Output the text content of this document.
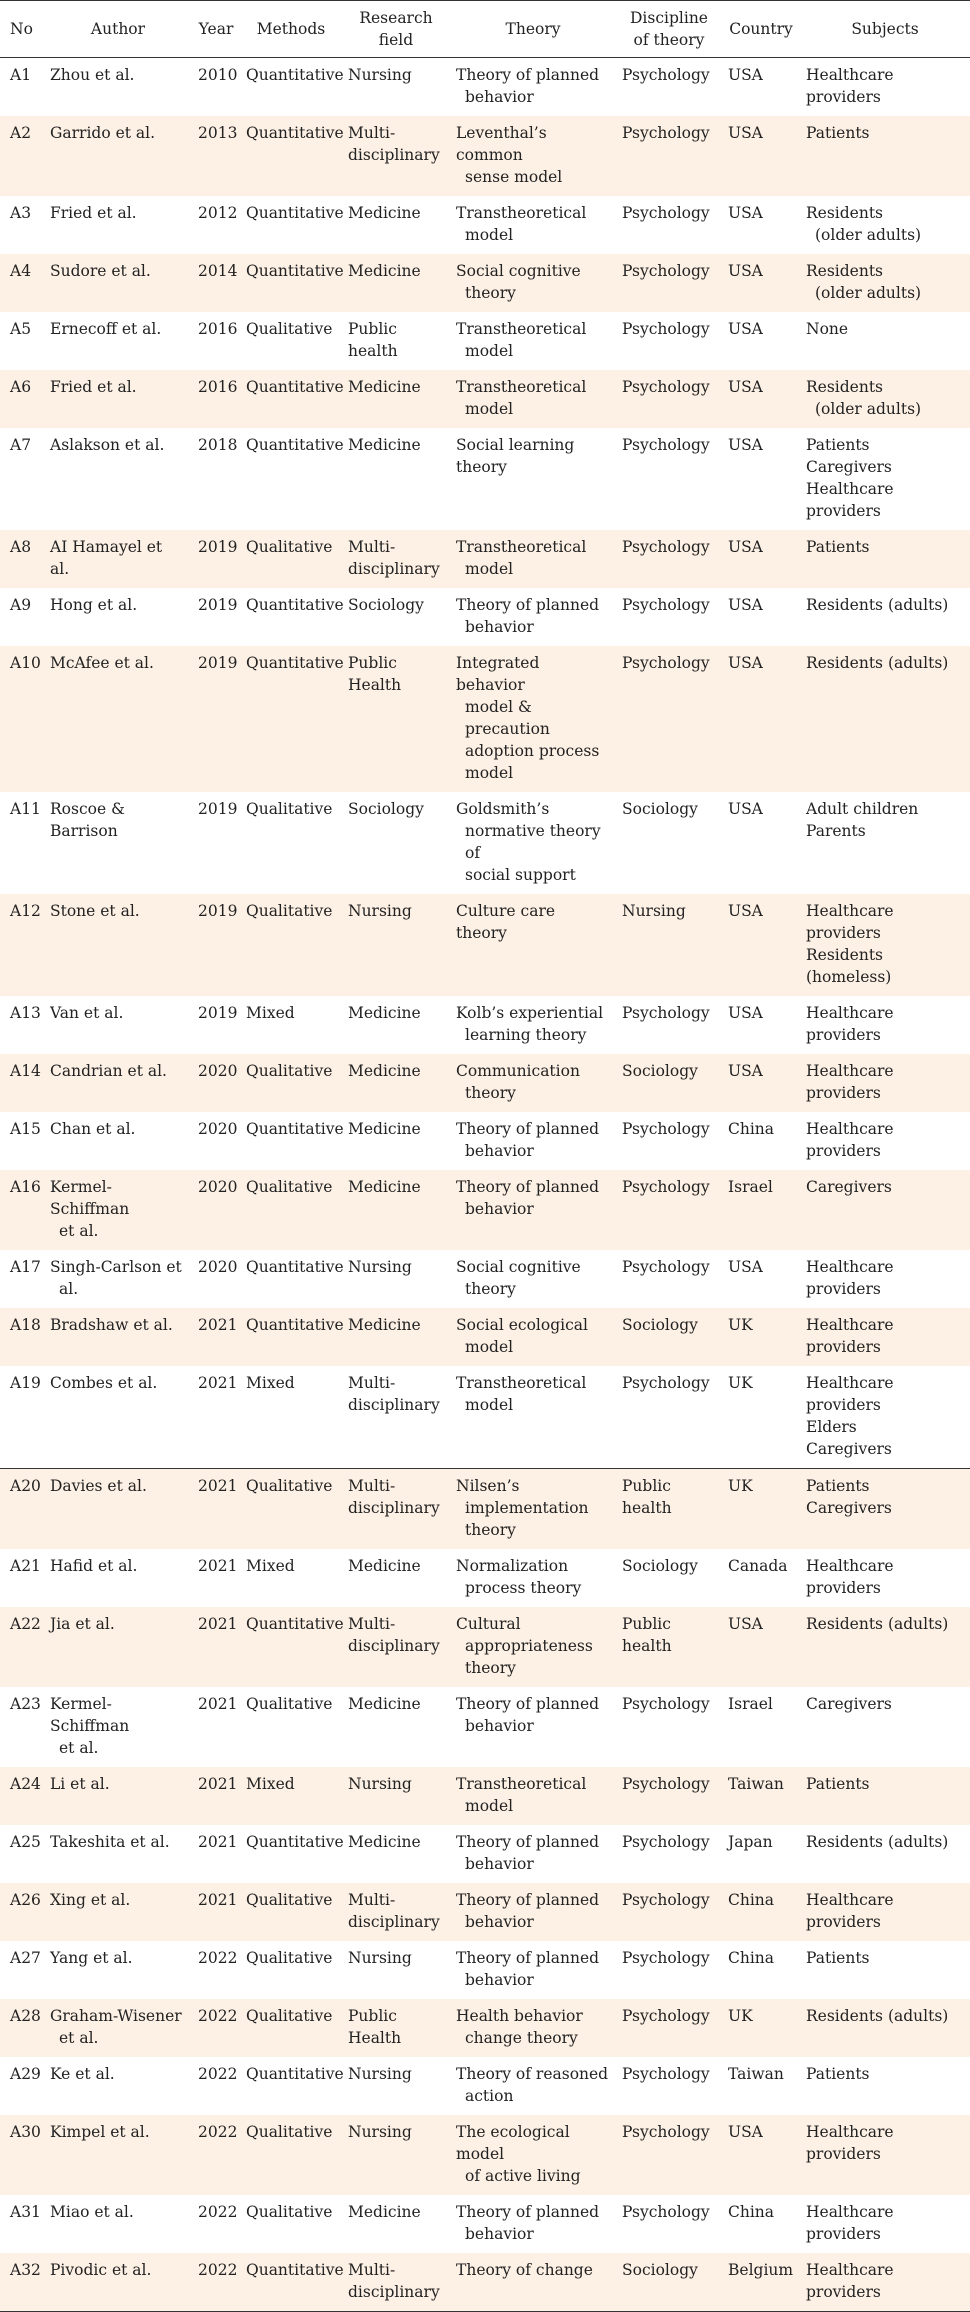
No	Author	Year	Methods	Research field	Theory	Discipline of theory	Country	Subjects
A1	Zhou et al.	2010	Quantitative	Nursing	Theory of planned
behavior	Psychology	USA	Healthcare providers

A2	Garrido et al.	2013	Quantitative	Multi-
disciplinary	Leventhal’s common
sense model	Psychology	USA	Patients

A3	Fried et al.	2012	Quantitative	Medicine	Transtheoretical
model	Psychology	USA	Residents
(older adults)

A4	Sudore et al.	2014	Quantitative	Medicine	Social cognitive
theory	Psychology	USA	Residents
(older adults)

A5	Ernecoff et al.	2016	Qualitative	Public health	Transtheoretical
model	Psychology	USA	None

A6	Fried et al.	2016	Quantitative	Medicine	Transtheoretical
model	Psychology	USA	Residents
(older adults)

A7	Aslakson et al.	2018	Quantitative	Medicine	Social learning theory	Psychology	USA	Patients
Caregivers
Healthcare providers

A8	AI Hamayel et al.	2019	Qualitative	Multi-
disciplinary	Transtheoretical
model	Psychology	USA	Patients

A9	Hong et al.	2019	Quantitative	Sociology	Theory of planned
behavior	Psychology	USA	Residents (adults)

A10	McAfee et al.	2019	Quantitative	Public
Health	Integrated behavior
model & precaution
adoption process
model	Psychology	USA	Residents (adults)

A11	Roscoe & Barrison	2019	Qualitative	Sociology	Goldsmith’s
normative theory of
social support	Sociology	USA	Adult children
Parents

A12	Stone et al.	2019	Qualitative	Nursing	Culture care theory	Nursing	USA	Healthcare providers
Residents (homeless)

A13	Van et al.	2019	Mixed	Medicine	Kolb’s experiential
learning theory	Psychology	USA	Healthcare providers

A14	Candrian et al.	2020	Qualitative	Medicine	Communication
theory	Sociology	USA	Healthcare providers

A15	Chan et al.	2020	Quantitative	Medicine	Theory of planned
behavior	Psychology	China	Healthcare providers

A16	Kermel-Schiffman
et al.	2020	Qualitative	Medicine	Theory of planned
behavior	Psychology	Israel	Caregivers

A17	Singh-Carlson et
al.	2020	Quantitative	Nursing	Social cognitive
theory	Psychology	USA	Healthcare providers

A18	Bradshaw et al.	2021	Quantitative	Medicine	Social ecological
model	Sociology	UK	Healthcare providers

A19	Combes et al.	2021	Mixed	Multi-
disciplinary	Transtheoretical
model	Psychology	UK	Healthcare providers
Elders
Caregivers

A20	Davies et al.	2021	Qualitative	Multi-
disciplinary	Nilsen’s
implementation
theory	Public health	UK	Patients
Caregivers

A21	Hafid et al.	2021	Mixed	Medicine	Normalization
process theory	Sociology	Canada	Healthcare providers

A22	Jia et al.	2021	Quantitative	Multi-
disciplinary	Cultural
appropriateness
theory	Public health	USA	Residents (adults)

A23	Kermel-Schiffman
et al.	2021	Qualitative	Medicine	Theory of planned
behavior	Psychology	Israel	Caregivers

A24	Li et al.	2021	Mixed	Nursing	Transtheoretical
model	Psychology	Taiwan	Patients

A25	Takeshita et al.	2021	Quantitative	Medicine	Theory of planned
behavior	Psychology	Japan	Residents (adults)

A26	Xing et al.	2021	Qualitative	Multi-
disciplinary	Theory of planned
behavior	Psychology	China	Healthcare providers

A27	Yang et al.	2022	Qualitative	Nursing	Theory of planned
behavior	Psychology	China	Patients

A28	Graham-Wisener
et al.	2022	Qualitative	Public
Health	Health behavior
change theory	Psychology	UK	Residents (adults)

A29	Ke et al.	2022	Quantitative	Nursing	Theory of reasoned
action	Psychology	Taiwan	Patients

A30	Kimpel et al.	2022	Qualitative	Nursing	The ecological model
of active living	Psychology	USA	Healthcare providers

A31	Miao et al.	2022	Qualitative	Medicine	Theory of planned
behavior	Psychology	China	Healthcare providers

A32	Pivodic et al.	2022	Quantitative	Multi-
disciplinary	Theory of change	Sociology	Belgium	Healthcare providers
